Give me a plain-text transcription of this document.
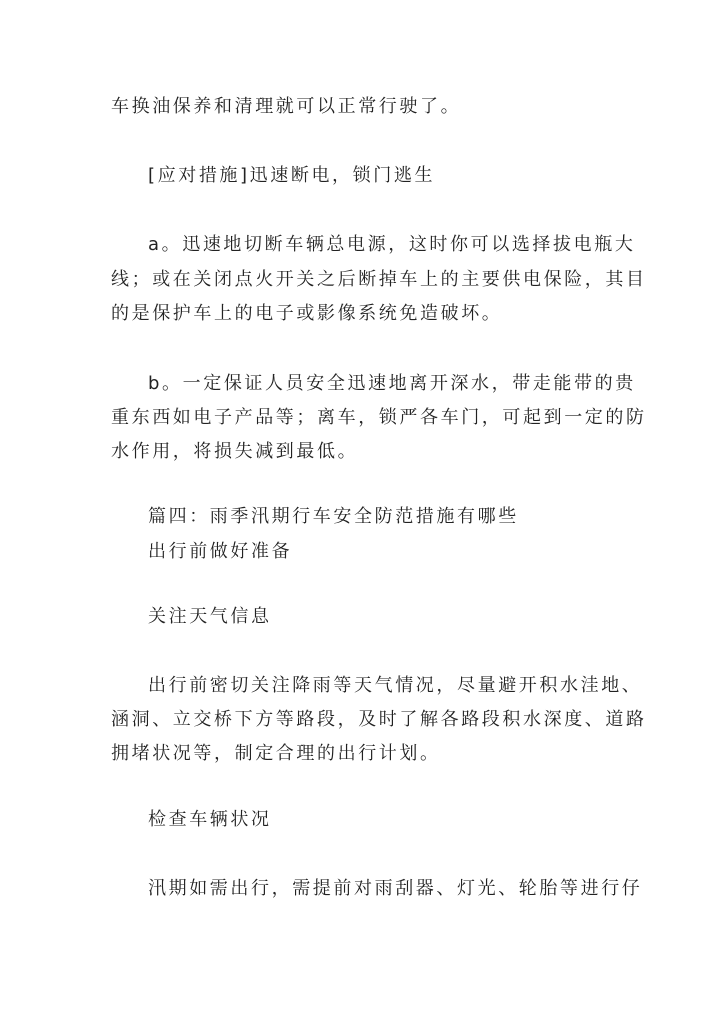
车换油保养和清理就可以正常行驶了。
[应对措施]迅速断电，锁门逃生
a。迅速地切断车辆总电源，这时你可以选择拔电瓶大
线；或在关闭点火开关之后断掉车上的主要供电保险，其目
的是保护车上的电子或影像系统免造破坏。
b。一定保证人员安全迅速地离开深水，带走能带的贵
重东西如电子产品等；离车，锁严各车门，可起到一定的防
水作用，将损失减到最低。
篇四：雨季汛期行车安全防范措施有哪些
出行前做好准备
关注天气信息
出行前密切关注降雨等天气情况，尽量避开积水洼地、
涵洞、立交桥下方等路段，及时了解各路段积水深度、道路
拥堵状况等，制定合理的出行计划。
检查车辆状况
汛期如需出行，需提前对雨刮器、灯光、轮胎等进行仔
